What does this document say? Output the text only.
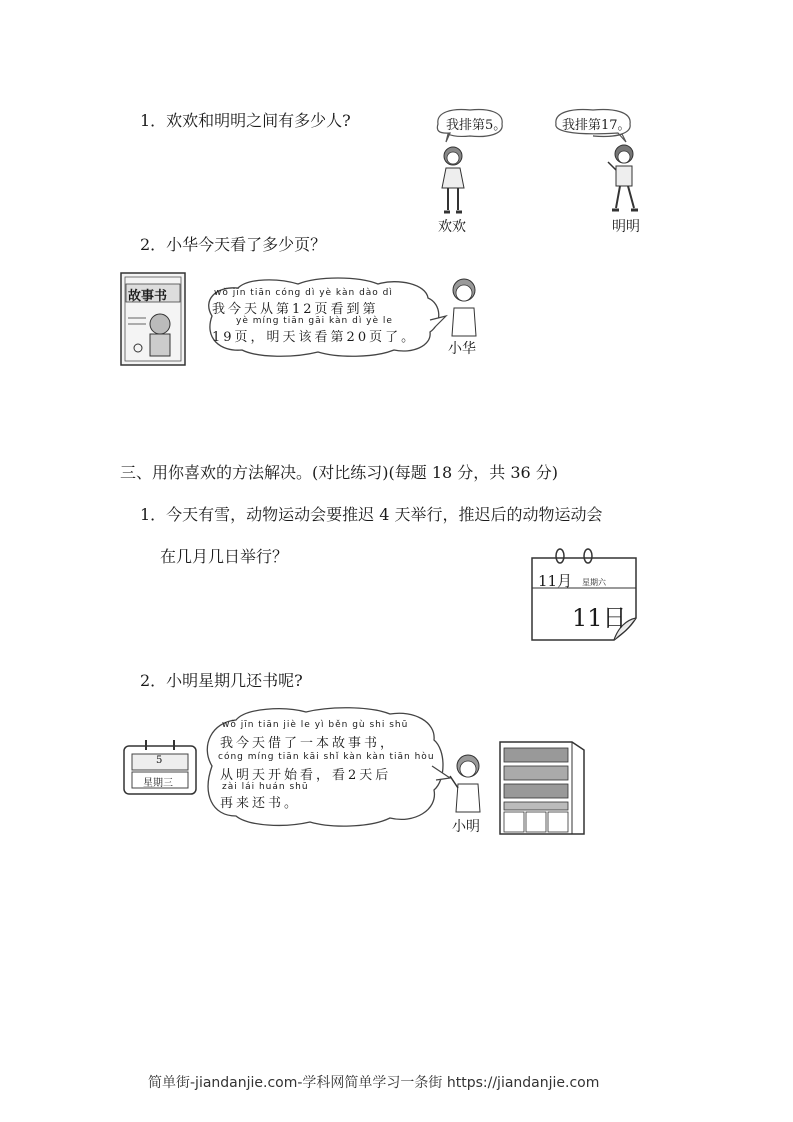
1．欢欢和明明之间有多少人?	我排第5。	我排第17。
欢欢	明明
2．小华今天看了多少页？
故事书	wǒ jīn tiān cóng dì yè kàn dào dì
我今天从第12页看到第
yè míng tiān gāi kàn dì yè le
19页，明天该看第20页了。
小华
三、用你喜欢的方法解决。(对比练习)(每题 18 分，共 36 分)
1．今天有雪，动物运动会要推迟 4 天举行，推迟后的动物运动会
在几月几日举行？
11月 星期六
11日
2．小明星期几还书呢?
5
星期三
wǒ jīn tiān jiè le yì běn gù shi shū
我今天借了一本故事书，
cóng míng tiān kāi shǐ kàn kàn tiān hòu
从明天开始看，看2天后
zài lái huán shū
再来还书。
小明
简单街-jiandanjie.com-学科网简单学习一条街 https://jiandanjie.com
